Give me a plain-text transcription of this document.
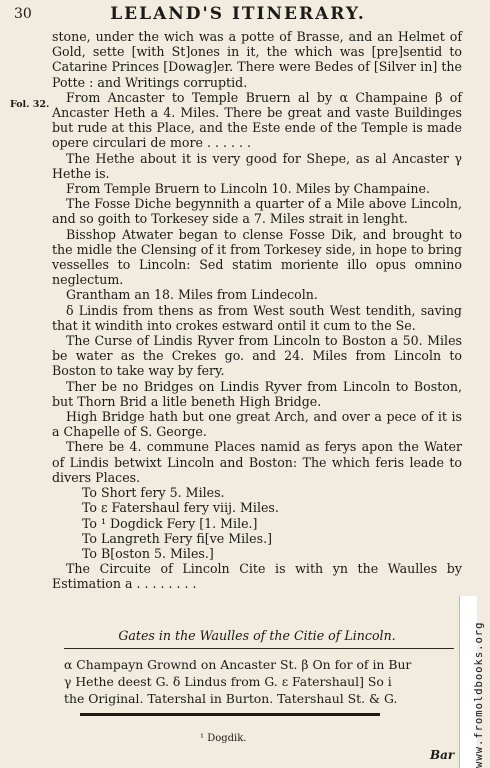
30	LELAND'S ITINERARY.

stone, under the wich was a potte of Brasse, and an Helmet of Gold, sette [with St]ones in it, the which was [pre]sentid to Catarine Princes [Dowag]er. There were Bedes of [Silver in] the Potte : and Writings corruptid.

Fol. 32.	From Ancaster to Temple Bruern al by α Champaine β of Ancaster Heth a 4. Miles. There be great and vaste Buildinges but rude at this Place, and the Este ende of the Temple is made opere circulari de more . . . . . .

The Hethe about it is very good for Shepe, as al Ancaster γ Hethe is.

From Temple Bruern to Lincoln 10. Miles by Champaine.

The Fosse Diche begynnith a quarter of a Mile above Lincoln, and so goith to Torkesey side a 7. Miles strait in lenght.

Bisshop Atwater began to clense Fosse Dik, and brought to the midle the Clensing of it from Torkesey side, in hope to bring vesselles to Lincoln: Sed statim moriente illo opus omnino neglectum.

Grantham an 18. Miles from Lindecoln.

δ Lindis from thens as from West south West tendith, saving that it windith into crokes estward ontil it cum to the Se.

The Curse of Lindis Ryver from Lincoln to Boston a 50. Miles be water as the Crekes go. and 24. Miles from Lincoln to Boston to take way by fery.

Ther be no Bridges on Lindis Ryver from Lincoln to Boston, but Thorn Brid a litle beneth High Bridge.

High Bridge hath but one great Arch, and over a pece of it is a Chapelle of S. George.

There be 4. commune Places namid as ferys apon the Water of Lindis betwixt Lincoln and Boston: The which feris leade to divers Places.

To Short fery 5. Miles.

To ε Fatershaul fery viij. Miles.

To ¹ Dogdick Fery [1. Mile.]

To Langreth Fery fi[ve Miles.]

To B[oston 5. Miles.]

The Circuite of Lincoln Cite is with yn the Waulles by Estimation a . . . . . . . .

Gates in the Waulles of the Citie of Lincoln.

α Champayn Grownd on Ancaster St. β On for of in Bur

γ Hethe deest G. δ Lindus from G. ε Fatershaul] So i

the Original. Tatershal in Burton. Tatershaul St. & G.

¹ Dogdik.
Bar www.fromoldbooks.org
